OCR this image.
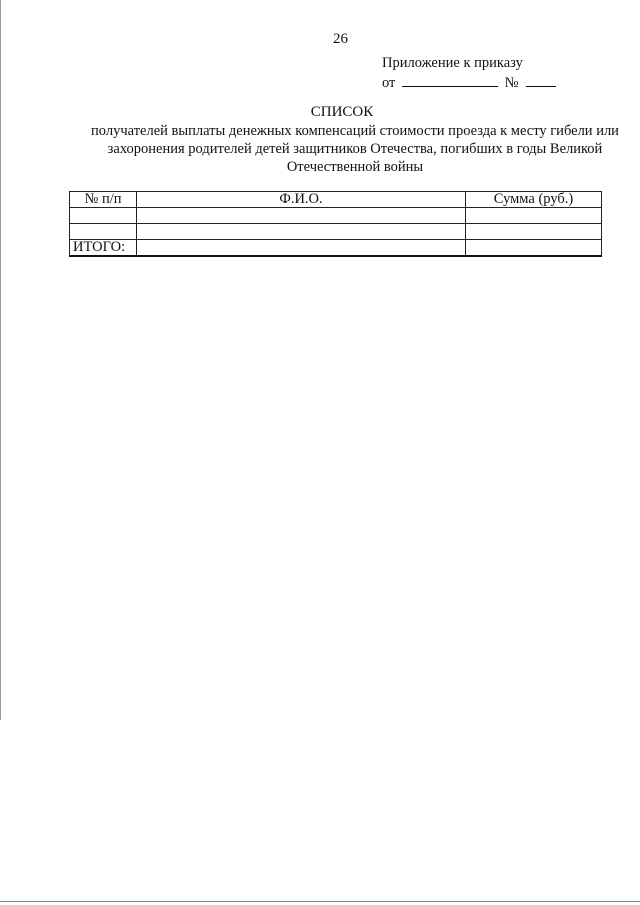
26
Приложение к приказу
от	№
СПИСОК
получателей выплаты денежных компенсаций стоимости проезда к месту гибели или захоронения родителей детей защитников Отечества, погибших в годы Великой Отечественной войны
№ п/п	Ф.И.О.	Сумма (руб.)

ИТОГО:		
